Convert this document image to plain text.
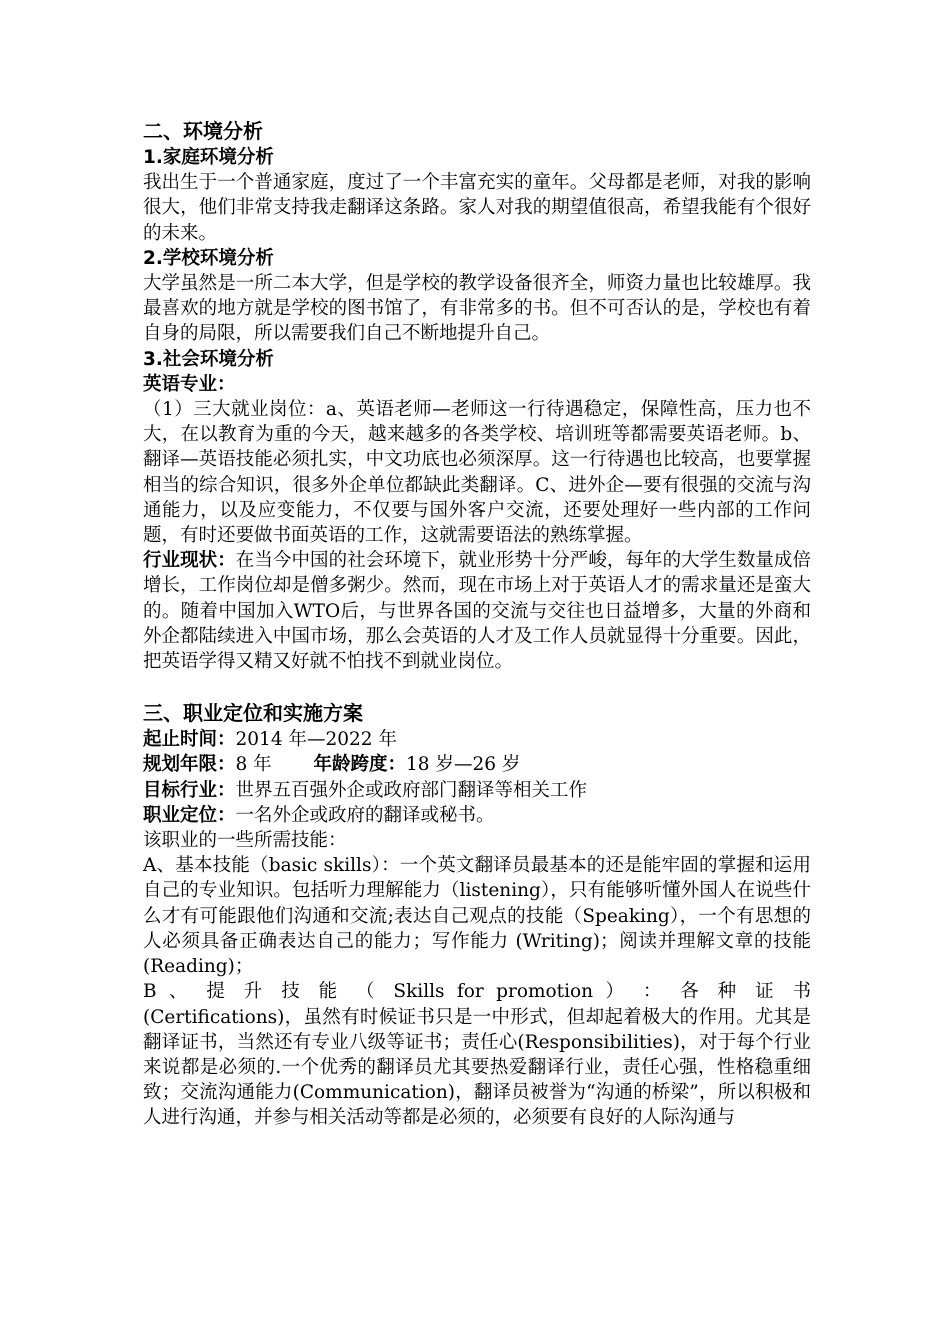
二、环境分析

1.家庭环境分析

我出生于一个普通家庭，度过了一个丰富充实的童年。父母都是老师，对我的影响很大，他们非常支持我走翻译这条路。家人对我的期望值很高，希望我能有个很好的未来。

2.学校环境分析

大学虽然是一所二本大学，但是学校的教学设备很齐全，师资力量也比较雄厚。我最喜欢的地方就是学校的图书馆了，有非常多的书。但不可否认的是，学校也有着自身的局限，所以需要我们自己不断地提升自己。

3.社会环境分析

英语专业：

（1）三大就业岗位：a、英语老师—老师这一行待遇稳定，保障性高，压力也不大，在以教育为重的今天，越来越多的各类学校、培训班等都需要英语老师。b、翻译—英语技能必须扎实，中文功底也必须深厚。这一行待遇也比较高，也要掌握相当的综合知识，很多外企单位都缺此类翻译。C、进外企—要有很强的交流与沟通能力，以及应变能力，不仅要与国外客户交流，还要处理好一些内部的工作问题，有时还要做书面英语的工作，这就需要语法的熟练掌握。

行业现状：在当今中国的社会环境下，就业形势十分严峻，每年的大学生数量成倍增长，工作岗位却是僧多粥少。然而，现在市场上对于英语人才的需求量还是蛮大的。随着中国加入WTO后，与世界各国的交流与交往也日益增多，大量的外商和外企都陆续进入中国市场，那么会英语的人才及工作人员就显得十分重要。因此，把英语学得又精又好就不怕找不到就业岗位。

三、职业定位和实施方案

起止时间：2014 年—2022 年

规划年限：8 年 年龄跨度：18 岁—26 岁

目标行业：世界五百强外企或政府部门翻译等相关工作

职业定位：一名外企或政府的翻译或秘书。

该职业的一些所需技能：

A、基本技能（basic skills）：一个英文翻译员最基本的还是能牢固的掌握和运用自己的专业知识。包括听力理解能力（listening），只有能够听懂外国人在说些什么才有可能跟他们沟通和交流;表达自己观点的技能（Speaking），一个有思想的人必须具备正确表达自己的能力；写作能力 (Writing)；阅读并理解文章的技能 (Reading)；

B 、 提 升 技 能 （ Skills for promotion ） ： 各 种 证 书

(Certifications)，虽然有时候证书只是一中形式，但却起着极大的作用。尤其是翻译证书，当然还有专业八级等证书；责任心(Responsibilities)，对于每个行业来说都是必须的.一个优秀的翻译员尤其要热爱翻译行业，责任心强，性格稳重细致；交流沟通能力(Communication)，翻译员被誉为“沟通的桥梁”，所以积极和人进行沟通，并参与相关活动等都是必须的，必须要有良好的人际沟通与
